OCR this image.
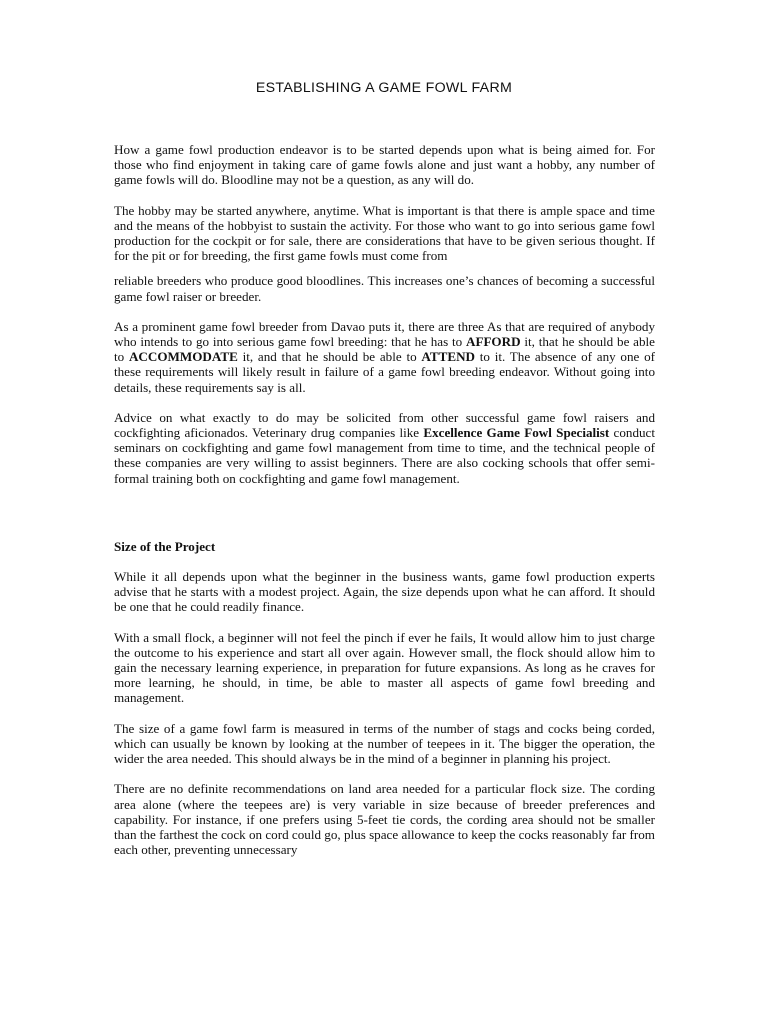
ESTABLISHING A GAME FOWL FARM

How a game fowl production endeavor is to be started depends upon what is being aimed for. For those who find enjoyment in taking care of game fowls alone and just want a hobby, any number of game fowls will do. Bloodline may not be a question, as any will do.

The hobby may be started anywhere, anytime. What is important is that there is ample space and time and the means of the hobbyist to sustain the activity. For those who want to go into serious game fowl production for the cockpit or for sale, there are considerations that have to be given serious thought. If for the pit or for breeding, the first game fowls must come from

reliable breeders who produce good bloodlines. This increases one’s chances of becoming a successful game fowl raiser or breeder.

As a prominent game fowl breeder from Davao puts it, there are three As that are required of anybody who intends to go into serious game fowl breeding: that he has to AFFORD it, that he should be able to ACCOMMODATE it, and that he should be able to ATTEND to it. The absence of any one of these requirements will likely result in failure of a game fowl breeding endeavor. Without going into details, these requirements say is all.

Advice on what exactly to do may be solicited from other successful game fowl raisers and cockfighting aficionados. Veterinary drug companies like Excellence Game Fowl Specialist conduct seminars on cockfighting and game fowl management from time to time, and the technical people of these companies are very willing to assist beginners. There are also cocking schools that offer semi-formal training both on cockfighting and game fowl management.

Size of the Project

While it all depends upon what the beginner in the business wants, game fowl production experts advise that he starts with a modest project. Again, the size depends upon what he can afford. It should be one that he could readily finance.

With a small flock, a beginner will not feel the pinch if ever he fails, It would allow him to just charge the outcome to his experience and start all over again. However small, the flock should allow him to gain the necessary learning experience, in preparation for future expansions. As long as he craves for more learning, he should, in time, be able to master all aspects of game fowl breeding and management.

The size of a game fowl farm is measured in terms of the number of stags and cocks being corded, which can usually be known by looking at the number of teepees in it. The bigger the operation, the wider the area needed. This should always be in the mind of a beginner in planning his project.

There are no definite recommendations on land area needed for a particular flock size. The cording area alone (where the teepees are) is very variable in size because of breeder preferences and capability. For instance, if one prefers using 5-feet tie cords, the cording area should not be smaller than the farthest the cock on cord could go, plus space allowance to keep the cocks reasonably far from each other, preventing unnecessary
